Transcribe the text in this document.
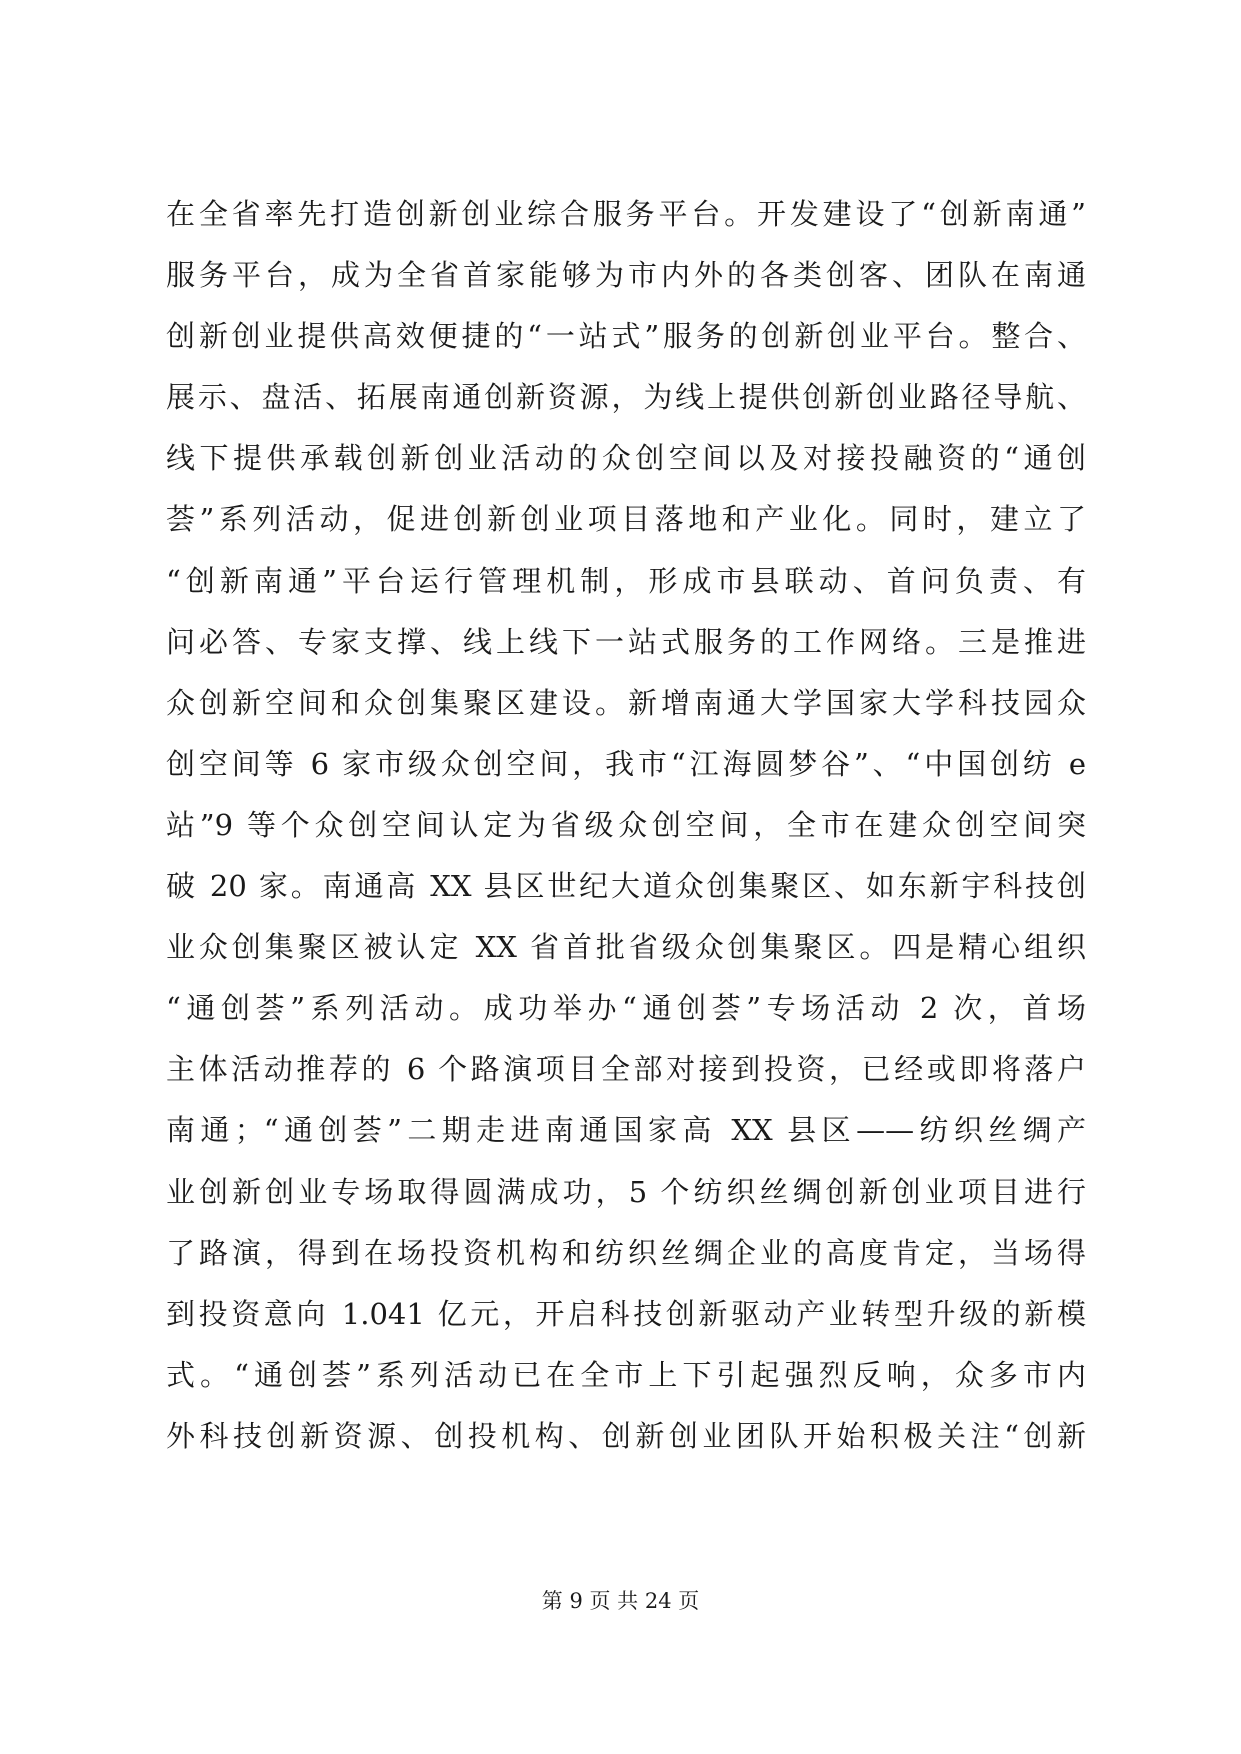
在全省率先打造创新创业综合服务平台。开发建设了“创新南通”
服务平台，成为全省首家能够为市内外的各类创客、团队在南通
创新创业提供高效便捷的“一站式”服务的创新创业平台。整合、
展示、盘活、拓展南通创新资源，为线上提供创新创业路径导航、
线下提供承载创新创业活动的众创空间以及对接投融资的“通创
荟”系列活动，促进创新创业项目落地和产业化。同时，建立了
“创新南通”平台运行管理机制，形成市县联动、首问负责、有
问必答、专家支撑、线上线下一站式服务的工作网络。三是推进
众创新空间和众创集聚区建设。新增南通大学国家大学科技园众
创空间等 6 家市级众创空间，我市“江海圆梦谷”、“中国创纺 e
站”9 等个众创空间认定为省级众创空间，全市在建众创空间突
破 20 家。南通高 XX 县区世纪大道众创集聚区、如东新宇科技创
业众创集聚区被认定 XX 省首批省级众创集聚区。四是精心组织
“通创荟”系列活动。成功举办“通创荟”专场活动 2 次，首场
主体活动推荐的 6 个路演项目全部对接到投资，已经或即将落户
南通；“通创荟”二期走进南通国家高 XX 县区——纺织丝绸产
业创新创业专场取得圆满成功，5 个纺织丝绸创新创业项目进行
了路演，得到在场投资机构和纺织丝绸企业的高度肯定，当场得
到投资意向 1.041 亿元，开启科技创新驱动产业转型升级的新模
式。“通创荟”系列活动已在全市上下引起强烈反响，众多市内
外科技创新资源、创投机构、创新创业团队开始积极关注“创新
第 9 页 共 24 页
